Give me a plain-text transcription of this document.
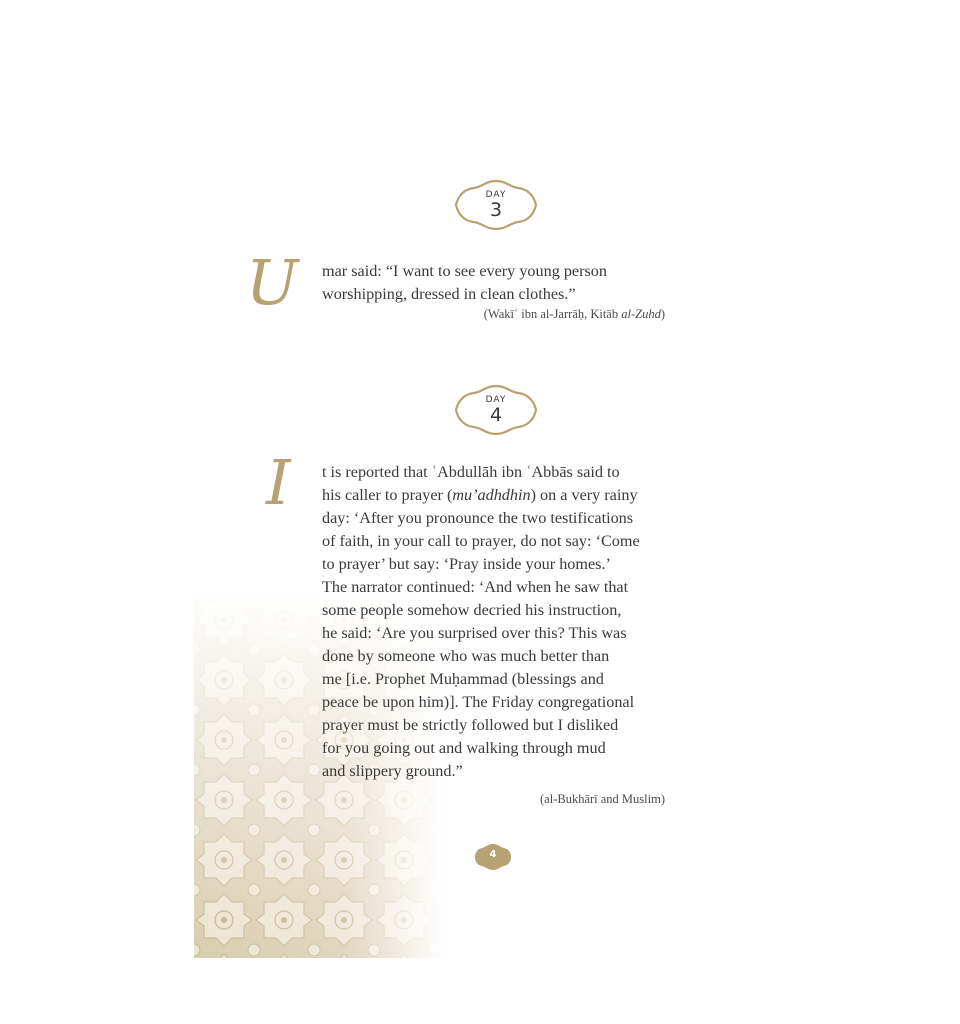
DAY
3
U mar said: “I want to see every young person
worshipping, dressed in clean clothes.”
(Wakīʿ ibn al-Jarrāḥ, Kitāb al-Zuhd)
DAY
4
I t is reported that ʿAbdullāh ibn ʿAbbās said to
his caller to prayer (mu’adhdhin) on a very rainy
day: ‘After you pronounce the two testifications
of faith, in your call to prayer, do not say: ‘Come
to prayer’ but say: ‘Pray inside your homes.’
The narrator continued: ‘And when he saw that
some people somehow decried his instruction,
he said: ‘Are you surprised over this? This was
done by someone who was much better than
me [i.e. Prophet Muḥammad (blessings and
peace be upon him)]. The Friday congregational
prayer must be strictly followed but I disliked
for you going out and walking through mud
and slippery ground.”
(al-Bukhārī and Muslim)
4
